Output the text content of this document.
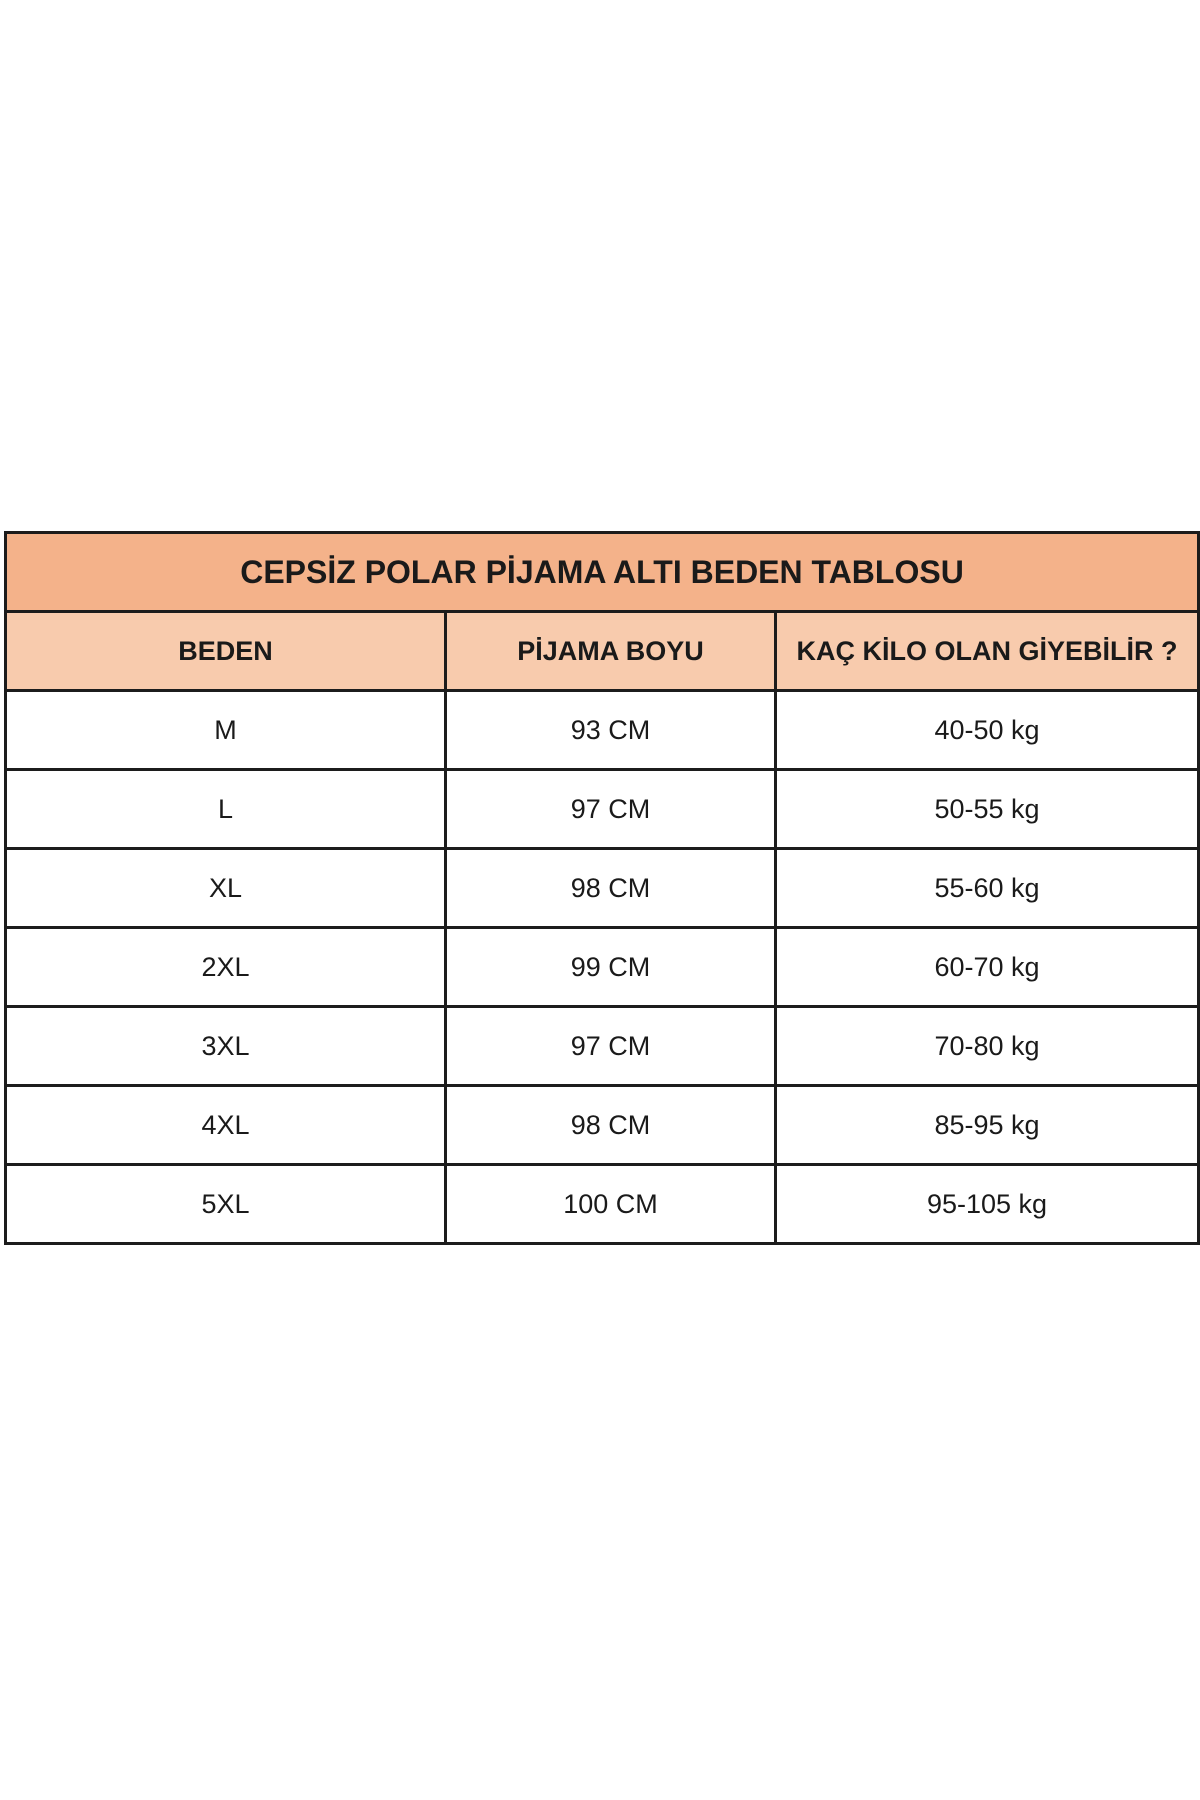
CEPSİZ POLAR PİJAMA ALTI BEDEN TABLOSU		
BEDEN	PİJAMA BOYU	KAÇ KİLO OLAN GİYEBİLİR ?
M	93 CM	40-50 kg
L	97 CM	50-55 kg
XL	98 CM	55-60 kg
2XL	99 CM	60-70 kg
3XL	97 CM	70-80 kg
4XL	98 CM	85-95 kg
5XL	100 CM	95-105 kg
